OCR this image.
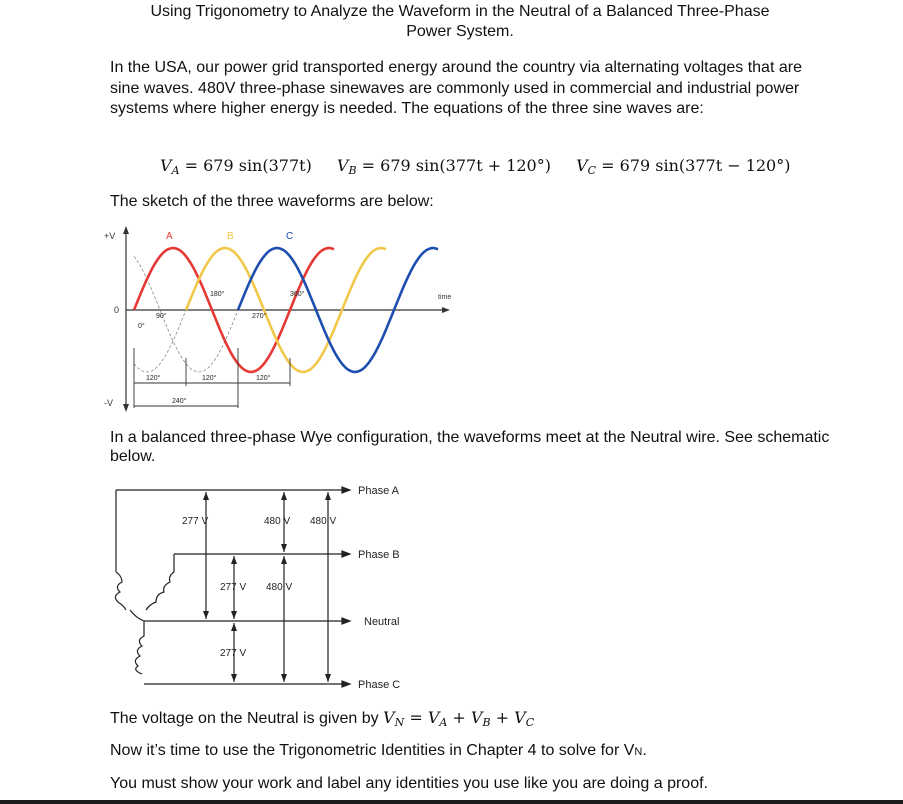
Using Trigonometry to Analyze the Waveform in the Neutral of a Balanced Three-Phase
Power System.

In the USA, our power grid transported energy around the country via alternating voltages that are sine waves. 480V three-phase sinewaves are commonly used in commercial and industrial power systems where higher energy is needed. The equations of the three sine waves are:

$V_A = 679$ sin(377t) $V_B = 679$ sin(377t + 120°) $V_C = 679$ sin(377t − 120°)

The sketch of the three waveforms are below:

+V
-V
0
time
A	B	C
0°
90°
180°
270°
360°
120°	120°	120°
240°

In a balanced three-phase Wye configuration, the waveforms meet at the Neutral wire. See schematic below.

Phase A
Phase B
Neutral
Phase C
277 V	480 V 480 V
277 V 480 V
277 V

The voltage on the Neutral is given by $V_N = V_A + V_B + V_C$

Now it’s time to use the Trigonometric Identities in Chapter 4 to solve for VN.

You must show your work and label any identities you use like you are doing a proof.
